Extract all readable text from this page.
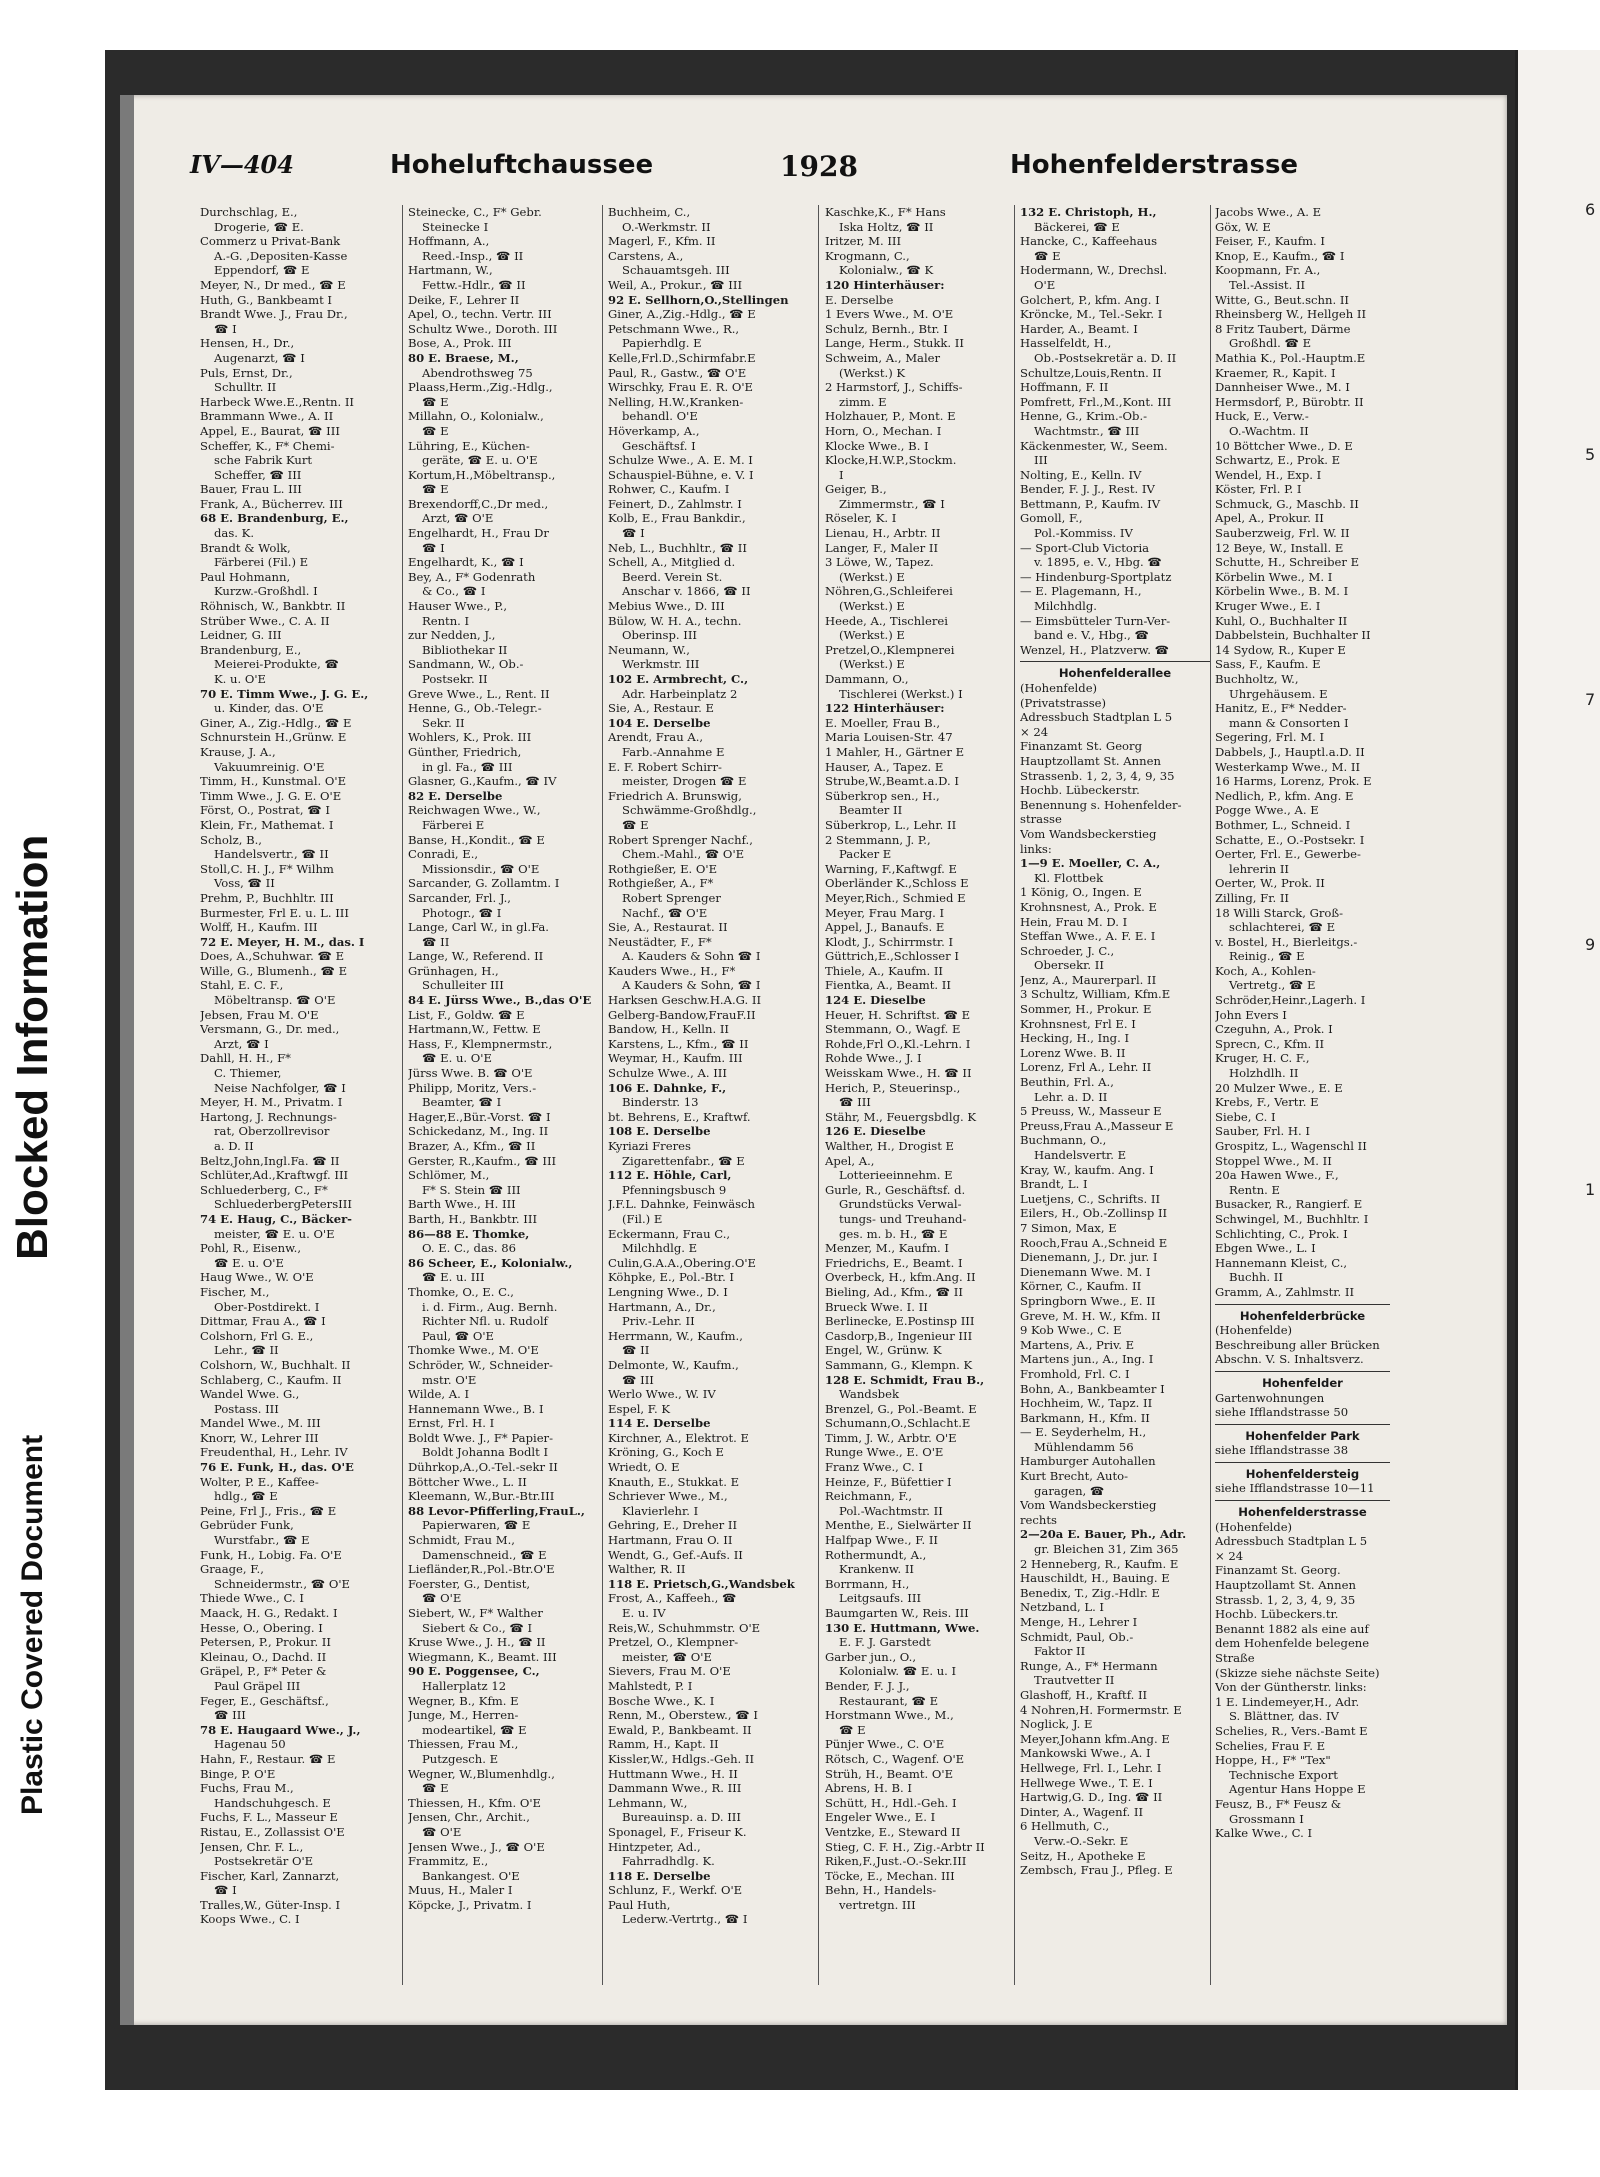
Blocked Information
Plastic Covered Document
6
5
7
9
1
IV—404	Hoheluftchaussee	1928	Hohenfelderstrasse
Durchschlag, E.,
Drogerie, ☎ E.
Commerz u Privat-Bank
A.-G. ,Depositen-Kasse
Eppendorf, ☎ E
Meyer, N., Dr med., ☎ E
Huth, G., Bankbeamt I
Brandt Wwe. J., Frau Dr.,
☎ I
Hensen, H., Dr.,
Augenarzt, ☎ I
Puls, Ernst, Dr.,
Schulltr. II
Harbeck Wwe.E.,Rentn. II
Brammann Wwe., A. II
Appel, E., Baurat, ☎ III
Scheffer, K., F* Chemi-
sche Fabrik Kurt
Scheffer, ☎ III
Bauer, Frau L. III
Frank, A., Bücherrev. III
68 E. Brandenburg, E.,
das. K.
Brandt & Wolk,
Färberei (Fil.) E
Paul Hohmann,
Kurzw.-Großhdl. I
Röhnisch, W., Bankbtr. II
Strüber Wwe., C. A. II
Leidner, G. III
Brandenburg, E.,
Meierei-Produkte, ☎
K. u. O'E
70 E. Timm Wwe., J. G. E.,
u. Kinder, das. O'E
Giner, A., Zig.-Hdlg., ☎ E
Schnurstein H.,Grünw. E
Krause, J. A.,
Vakuumreinig. O'E
Timm, H., Kunstmal. O'E
Timm Wwe., J. G. E. O'E
Först, O., Postrat, ☎ I
Klein, Fr., Mathemat. I
Scholz, B.,
Handelsvertr., ☎ II
Stoll,C. H. J., F* Wilhm
Voss, ☎ II
Prehm, P., Buchhltr. III
Burmester, Frl E. u. L. III
Wolff, H., Kaufm. III
72 E. Meyer, H. M., das. I
Does, A.,Schuhwar. ☎ E
Wille, G., Blumenh., ☎ E
Stahl, E. C. F.,
Möbeltransp. ☎ O'E
Jebsen, Frau M. O'E
Versmann, G., Dr. med.,
Arzt, ☎ I
Dahll, H. H., F*
C. Thiemer,
Neise Nachfolger, ☎ I
Meyer, H. M., Privatm. I
Hartong, J. Rechnungs-
rat, Oberzollrevisor
a. D. II
Beltz,John,Ingl.Fa. ☎ II
Schlüter,Ad.,Kraftwgf. III
Schluederberg, C., F*
SchluederbergPetersIII
74 E. Haug, C., Bäcker-
meister, ☎ E. u. O'E
Pohl, R., Eisenw.,
☎ E. u. O'E
Haug Wwe., W. O'E
Fischer, M.,
Ober-Postdirekt. I
Dittmar, Frau A., ☎ I
Colshorn, Frl G. E.,
Lehr., ☎ II
Colshorn, W., Buchhalt. II
Schlaberg, C., Kaufm. II
Wandel Wwe. G.,
Postass. III
Mandel Wwe., M. III
Knorr, W., Lehrer III
Freudenthal, H., Lehr. IV
76 E. Funk, H., das. O'E
Wolter, P. E., Kaffee-
hdlg., ☎ E
Peine, Frl J., Fris., ☎ E
Gebrüder Funk,
Wurstfabr., ☎ E
Funk, H., Lobig. Fa. O'E
Graage, F.,
Schneidermstr., ☎ O'E
Thiede Wwe., C. I
Maack, H. G., Redakt. I
Hesse, O., Obering. I
Petersen, P., Prokur. II
Kleinau, O., Dachd. II
Gräpel, P., F* Peter &
Paul Gräpel III
Feger, E., Geschäftsf.,
☎ III
78 E. Haugaard Wwe., J.,
Hagenau 50
Hahn, F., Restaur. ☎ E
Binge, P. O'E
Fuchs, Frau M.,
Handschuhgesch. E
Fuchs, F. L., Masseur E
Ristau, E., Zollassist O'E
Jensen, Chr. F. L.,
Postsekretär O'E
Fischer, Karl, Zannarzt,
☎ I
Tralles,W., Güter-Insp. I
Koops Wwe., C. I
Steinecke, C., F* Gebr.
Steinecke I
Hoffmann, A.,
Reed.-Insp., ☎ II
Hartmann, W.,
Fettw.-Hdlr., ☎ II
Deike, F., Lehrer II
Apel, O., techn. Vertr. III
Schultz Wwe., Doroth. III
Bose, A., Prok. III
80 E. Braese, M.,
Abendrothsweg 75
Plaass,Herm.,Zig.-Hdlg.,
☎ E
Millahn, O., Kolonialw.,
☎ E
Lühring, E., Küchen-
geräte, ☎ E. u. O'E
Kortum,H.,Möbeltransp.,
☎ E
Brexendorff,C.,Dr med.,
Arzt, ☎ O'E
Engelhardt, H., Frau Dr
☎ I
Engelhardt, K., ☎ I
Bey, A., F* Godenrath
& Co., ☎ I
Hauser Wwe., P.,
Rentn. I
zur Nedden, J.,
Bibliothekar II
Sandmann, W., Ob.-
Postsekr. II
Greve Wwe., L., Rent. II
Henne, G., Ob.-Telegr.-
Sekr. II
Wohlers, K., Prok. III
Günther, Friedrich,
in gl. Fa., ☎ III
Glasner, G.,Kaufm., ☎ IV
82 E. Derselbe
Reichwagen Wwe., W.,
Färberei E
Banse, H.,Kondit., ☎ E
Conradi, E.,
Missionsdir., ☎ O'E
Sarcander, G. Zollamtm. I
Sarcander, Frl. J.,
Photogr., ☎ I
Lange, Carl W., in gl.Fa.
☎ II
Lange, W., Referend. II
Grünhagen, H.,
Schulleiter III
84 E. Jürss Wwe., B.,das O'E
List, F., Goldw. ☎ E
Hartmann,W., Fettw. E
Hass, F., Klempnermstr.,
☎ E. u. O'E
Jürss Wwe. B. ☎ O'E
Philipp, Moritz, Vers.-
Beamter, ☎ I
Hager,E.,Bür.-Vorst. ☎ I
Schickedanz, M., Ing. II
Brazer, A., Kfm., ☎ II
Gerster, R.,Kaufm., ☎ III
Schlömer, M.,
F* S. Stein ☎ III
Barth Wwe., H. III
Barth, H., Bankbtr. III
86—88 E. Thomke,
O. E. C., das. 86
86 Scheer, E., Kolonialw.,
☎ E. u. III
Thomke, O., E. C.,
i. d. Firm., Aug. Bernh.
Richter Nfl. u. Rudolf
Paul, ☎ O'E
Thomke Wwe., M. O'E
Schröder, W., Schneider-
mstr. O'E
Wilde, A. I
Hannemann Wwe., B. I
Ernst, Frl. H. I
Boldt Wwe. J., F* Papier-
Boldt Johanna Bodlt I
Dührkop,A.,O.-Tel.-sekr II
Böttcher Wwe., L. II
Kleemann, W.,Bur.-Btr.III
88 Levor-Pfifferling,FrauL.,
Papierwaren, ☎ E
Schmidt, Frau M.,
Damenschneid., ☎ E
Liefländer,R.,Pol.-Btr.O'E
Foerster, G., Dentist,
☎ O'E
Siebert, W., F* Walther
Siebert & Co., ☎ I
Kruse Wwe., J. H., ☎ II
Wiegmann, K., Beamt. III
90 E. Poggensee, C.,
Hallerplatz 12
Wegner, B., Kfm. E
Junge, M., Herren-
modeartikel, ☎ E
Thiessen, Frau M.,
Putzgesch. E
Wegner, W.,Blumenhdlg.,
☎ E
Thiessen, H., Kfm. O'E
Jensen, Chr., Archit.,
☎ O'E
Jensen Wwe., J., ☎ O'E
Frammitz, E.,
Bankangest. O'E
Muus, H., Maler I
Köpcke, J., Privatm. I
Buchheim, C.,
O.-Werkmstr. II
Magerl, F., Kfm. II
Carstens, A.,
Schauamtsgeh. III
Weil, A., Prokur., ☎ III
92 E. Sellhorn,O.,Stellingen
Giner, A.,Zig.-Hdlg., ☎ E
Petschmann Wwe., R.,
Papierhdlg. E
Kelle,Frl.D.,Schirmfabr.E
Paul, R., Gastw., ☎ O'E
Wirschky, Frau E. R. O'E
Nelling, H.W.,Kranken-
behandl. O'E
Höverkamp, A.,
Geschäftsf. I
Schulze Wwe., A. E. M. I
Schauspiel-Bühne, e. V. I
Rohwer, C., Kaufm. I
Feinert, D., Zahlmstr. I
Kolb, E., Frau Bankdir.,
☎ I
Neb, L., Buchhltr., ☎ II
Schell, A., Mitglied d.
Beerd. Verein St.
Anschar v. 1866, ☎ II
Mebius Wwe., D. III
Bülow, W. H. A., techn.
Oberinsp. III
Neumann, W.,
Werkmstr. III
102 E. Armbrecht, C.,
Adr. Harbeinplatz 2
Sie, A., Restaur. E
104 E. Derselbe
Arendt, Frau A.,
Farb.-Annahme E
E. F. Robert Schirr-
meister, Drogen ☎ E
Friedrich A. Brunswig,
Schwämme-Großhdlg.,
☎ E
Robert Sprenger Nachf.,
Chem.-Mahl., ☎ O'E
Rothgießer, E. O'E
Rothgießer, A., F*
Robert Sprenger
Nachf., ☎ O'E
Sie, A., Restaurat. II
Neustädter, F., F*
A. Kauders & Sohn ☎ I
Kauders Wwe., H., F*
A Kauders & Sohn, ☎ I
Harksen Geschw.H.A.G. II
Gelberg-Bandow,FrauF.II
Bandow, H., Kelln. II
Karstens, L., Kfm., ☎ II
Weymar, H., Kaufm. III
Schulze Wwe., A. III
106 E. Dahnke, F.,
Binderstr. 13
bt. Behrens, E., Kraftwf.
108 E. Derselbe
Kyriazi Freres
Zigarettenfabr., ☎ E
112 E. Höhle, Carl,
Pfenningsbusch 9
J.F.L. Dahnke, Feinwäsch
(Fil.) E
Eckermann, Frau C.,
Milchhdlg. E
Culin,G.A.A.,Obering.O'E
Köhpke, E., Pol.-Btr. I
Lengning Wwe., D. I
Hartmann, A., Dr.,
Priv.-Lehr. II
Herrmann, W., Kaufm.,
☎ II
Delmonte, W., Kaufm.,
☎ III
Werlo Wwe., W. IV
Espel, F. K
114 E. Derselbe
Kirchner, A., Elektrot. E
Kröning, G., Koch E
Wriedt, O. E
Knauth, E., Stukkat. E
Schriever Wwe., M.,
Klavierlehr. I
Gehring, E., Dreher II
Hartmann, Frau O. II
Wendt, G., Gef.-Aufs. II
Walther, R. II
118 E. Prietsch,G.,Wandsbek
Frost, A., Kaffeeh., ☎
E. u. IV
Reis,W., Schuhmmstr. O'E
Pretzel, O., Klempner-
meister, ☎ O'E
Sievers, Frau M. O'E
Mahlstedt, P. I
Bosche Wwe., K. I
Renn, M., Oberstew., ☎ I
Ewald, P., Bankbeamt. II
Ramm, H., Kapt. II
Kissler,W., Hdlgs.-Geh. II
Huttmann Wwe., H. II
Dammann Wwe., R. III
Lehmann, W.,
Bureauinsp. a. D. III
Sponagel, F., Friseur K.
Hintzpeter, Ad.,
Fahrradhdlg. K.
118 E. Derselbe
Schlunz, F., Werkf. O'E
Paul Huth,
Lederw.-Vertrtg., ☎ I
Kaschke,K., F* Hans
Iska Holtz, ☎ II
Iritzer, M. III
Krogmann, C.,
Kolonialw., ☎ K
120 Hinterhäuser:
E. Derselbe
1 Evers Wwe., M. O'E
Schulz, Bernh., Btr. I
Lange, Herm., Stukk. II
Schweim, A., Maler
(Werkst.) K
2 Harmstorf, J., Schiffs-
zimm. E
Holzhauer, P., Mont. E
Horn, O., Mechan. I
Klocke Wwe., B. I
Klocke,H.W.P.,Stockm.
I
Geiger, B.,
Zimmermstr., ☎ I
Röseler, K. I
Lienau, H., Arbtr. II
Langer, F., Maler II
3 Löwe, W., Tapez.
(Werkst.) E
Nöhren,G.,Schleiferei
(Werkst.) E
Heede, A., Tischlerei
(Werkst.) E
Pretzel,O.,Klempnerei
(Werkst.) E
Dammann, O.,
Tischlerei (Werkst.) I
122 Hinterhäuser:
E. Moeller, Frau B.,
Maria Louisen-Str. 47
1 Mahler, H., Gärtner E
Hauser, A., Tapez. E
Strube,W.,Beamt.a.D. I
Süberkrop sen., H.,
Beamter II
Süberkrop, L., Lehr. II
2 Stemmann, J. P.,
Packer E
Warning, F.,Kaftwgf. E
Oberländer K.,Schloss E
Meyer,Rich., Schmied E
Meyer, Frau Marg. I
Appel, J., Banaufs. E
Klodt, J., Schirrmstr. I
Güttrich,E.,Schlosser I
Thiele, A., Kaufm. II
Fientka, A., Beamt. II
124 E. Dieselbe
Heuer, H. Schriftst. ☎ E
Stemmann, O., Wagf. E
Rohde,Frl O.,Kl.-Lehrn. I
Rohde Wwe., J. I
Weisskam Wwe., H. ☎ II
Herich, P., Steuerinsp.,
☎ III
Stähr, M., Feuergsbdlg. K
126 E. Dieselbe
Walther, H., Drogist E
Apel, A.,
Lotterieeinnehm. E
Gurle, R., Geschäftsf. d.
Grundstücks Verwal-
tungs- und Treuhand-
ges. m. b. H., ☎ E
Menzer, M., Kaufm. I
Friedrichs, E., Beamt. I
Overbeck, H., kfm.Ang. II
Bieling, Ad., Kfm., ☎ II
Brueck Wwe. I. II
Berlinecke, E.Postinsp III
Casdorp,B., Ingenieur III
Engel, W., Grünw. K
Sammann, G., Klempn. K
128 E. Schmidt, Frau B.,
Wandsbek
Brenzel, G., Pol.-Beamt. E
Schumann,O.,Schlacht.E
Timm, J. W., Arbtr. O'E
Runge Wwe., E. O'E
Franz Wwe., C. I
Heinze, F., Büfettier I
Reichmann, F.,
Pol.-Wachtmstr. II
Menthe, E., Sielwärter II
Halfpap Wwe., F. II
Rothermundt, A.,
Krankenw. II
Borrmann, H.,
Leitgsaufs. III
Baumgarten W., Reis. III
130 E. Huttmann, Wwe.
E. F. J. Garstedt
Garber jun., O.,
Kolonialw. ☎ E. u. I
Bender, F. J. J.,
Restaurant, ☎ E
Horstmann Wwe., M.,
☎ E
Pünjer Wwe., C. O'E
Rötsch, C., Wagenf. O'E
Strüh, H., Beamt. O'E
Abrens, H. B. I
Schütt, H., Hdl.-Geh. I
Engeler Wwe., E. I
Ventzke, E., Steward II
Stieg, C. F. H., Zig.-Arbtr II
Riken,F.,Just.-O.-Sekr.III
Töcke, E., Mechan. III
Behn, H., Handels-
vertretgn. III
132 E. Christoph, H.,
Bäckerei, ☎ E
Hancke, C., Kaffeehaus
☎ E
Hodermann, W., Drechsl.
O'E
Golchert, P., kfm. Ang. I
Kröncke, M., Tel.-Sekr. I
Harder, A., Beamt. I
Hasselfeldt, H.,
Ob.-Postsekretär a. D. II
Schultze,Louis,Rentn. II
Hoffmann, F. II
Pomfrett, Frl.,M.,Kont. III
Henne, G., Krim.-Ob.-
Wachtmstr., ☎ III
Käckenmester, W., Seem.
III
Nolting, E., Kelln. IV
Bender, F. J. J., Rest. IV
Bettmann, P., Kaufm. IV
Gomoll, F.,
Pol.-Kommiss. IV
— Sport-Club Victoria
v. 1895, e. V., Hbg. ☎
— Hindenburg-Sportplatz
— E. Plagemann, H.,
Milchhdlg.
— Eimsbütteler Turn-Ver-
band e. V., Hbg., ☎
Wenzel, H., Platzverw. ☎
Hohenfelderallee
(Hohenfelde)
(Privatstrasse)
Adressbuch Stadtplan L 5
⨯ 24
Finanzamt St. Georg
Hauptzollamt St. Annen
Strassenb. 1, 2, 3, 4, 9, 35
Hochb. Lübeckerstr.
Benennung s. Hohenfelder-
strasse
Vom Wandsbeckerstieg
links:
1—9 E. Moeller, C. A.,
Kl. Flottbek
1 König, O., Ingen. E
Krohnsnest, A., Prok. E
Hein, Frau M. D. I
Steffan Wwe., A. F. E. I
Schroeder, J. C.,
Obersekr. II
Jenz, A., Maurerparl. II
3 Schultz, William, Kfm.E
Sommer, H., Prokur. E
Krohnsnest, Frl E. I
Hecking, H., Ing. I
Lorenz Wwe. B. II
Lorenz, Frl A., Lehr. II
Beuthin, Frl. A.,
Lehr. a. D. II
5 Preuss, W., Masseur E
Preuss,Frau A.,Masseur E
Buchmann, O.,
Handelsvertr. E
Kray, W., kaufm. Ang. I
Brandt, L. I
Luetjens, C., Schrifts. II
Eilers, H., Ob.-Zollinsp II
7 Simon, Max, E
Rooch,Frau A.,Schneid E
Dienemann, J., Dr. jur. I
Dienemann Wwe. M. I
Körner, C., Kaufm. II
Springborn Wwe., E. II
Greve, M. H. W., Kfm. II
9 Kob Wwe., C. E
Martens, A., Priv. E
Martens jun., A., Ing. I
Fromhold, Frl. C. I
Bohn, A., Bankbeamter I
Hochheim, W., Tapz. II
Barkmann, H., Kfm. II
— E. Seyderhelm, H.,
Mühlendamm 56
Hamburger Autohallen
Kurt Brecht, Auto-
garagen, ☎
Vom Wandsbeckerstieg
rechts
2—20a E. Bauer, Ph., Adr.
gr. Bleichen 31, Zim 365
2 Henneberg, R., Kaufm. E
Hauschildt, H., Bauing. E
Benedix, T., Zig.-Hdlr. E
Netzband, L. I
Menge, H., Lehrer I
Schmidt, Paul, Ob.-
Faktor II
Runge, A., F* Hermann
Trautvetter II
Glashoff, H., Kraftf. II
4 Nohren,H. Formermstr. E
Noglick, J. E
Meyer,Johann kfm.Ang. E
Mankowski Wwe., A. I
Hellwege, Frl. I., Lehr. I
Hellwege Wwe., T. E. I
Hartwig,G. D., Ing. ☎ II
Dinter, A., Wagenf. II
6 Hellmuth, C.,
Verw.-O.-Sekr. E
Seitz, H., Apotheke E
Zembsch, Frau J., Pfleg. E
Jacobs Wwe., A. E
Göx, W. E
Feiser, F., Kaufm. I
Knop, E., Kaufm., ☎ I
Koopmann, Fr. A.,
Tel.-Assist. II
Witte, G., Beut.schn. II
Rheinsberg W., Hellgeh II
8 Fritz Taubert, Därme
Großhdl. ☎ E
Mathia K., Pol.-Hauptm.E
Kraemer, R., Kapit. I
Dannheiser Wwe., M. I
Hermsdorf, P., Bürobtr. II
Huck, E., Verw.-
O.-Wachtm. II
10 Böttcher Wwe., D. E
Schwartz, E., Prok. E
Wendel, H., Exp. I
Köster, Frl. P. I
Schmuck, G., Maschb. II
Apel, A., Prokur. II
Sauberzweig, Frl. W. II
12 Beye, W., Install. E
Schutte, H., Schreiber E
Körbelin Wwe., M. I
Körbelin Wwe., B. M. I
Kruger Wwe., E. I
Kuhl, O., Buchhalter II
Dabbelstein, Buchhalter II
14 Sydow, R., Kuper E
Sass, F., Kaufm. E
Buchholtz, W.,
Uhrgehäusem. E
Hanitz, E., F* Nedder-
mann & Consorten I
Segering, Frl. M. I
Dabbels, J., Hauptl.a.D. II
Westerkamp Wwe., M. II
16 Harms, Lorenz, Prok. E
Nedlich, P., kfm. Ang. E
Pogge Wwe., A. E
Bothmer, L., Schneid. I
Schatte, E., O.-Postsekr. I
Oerter, Frl. E., Gewerbe-
lehrerin II
Oerter, W., Prok. II
Zilling, Fr. II
18 Willi Starck, Groß-
schlachterei, ☎ E
v. Bostel, H., Bierleitgs.-
Reinig., ☎ E
Koch, A., Kohlen-
Vertretg., ☎ E
Schröder,Heinr.,Lagerh. I
John Evers I
Czeguhn, A., Prok. I
Sprecn, C., Kfm. II
Kruger, H. C. F.,
Holzhdlh. II
20 Mulzer Wwe., E. E
Krebs, F., Vertr. E
Siebe, C. I
Sauber, Frl. H. I
Grospitz, L., Wagenschl II
Stoppel Wwe., M. II
20a Hawen Wwe., F.,
Rentn. E
Busacker, R., Rangierf. E
Schwingel, M., Buchhltr. I
Schlichting, C., Prok. I
Ebgen Wwe., L. I
Hannemann Kleist, C.,
Buchh. II
Gramm, A., Zahlmstr. II
Hohenfelderbrücke
(Hohenfelde)
Beschreibung aller Brücken
Abschn. V. S. Inhaltsverz.
Hohenfelder
Gartenwohnungen
siehe Ifflandstrasse 50
Hohenfelder Park
siehe Ifflandstrasse 38
Hohenfeldersteig
siehe Ifflandstrasse 10—11
Hohenfelderstrasse
(Hohenfelde)
Adressbuch Stadtplan L 5
⨯ 24
Finanzamt St. Georg.
Hauptzollamt St. Annen
Strassb. 1, 2, 3, 4, 9, 35
Hochb. Lübeckers.tr.
Benannt 1882 als eine auf
dem Hohenfelde belegene
Straße
(Skizze siehe nächste Seite)
Von der Güntherstr. links:
1 E. Lindemeyer,H., Adr.
S. Blättner, das. IV
Schelies, R., Vers.-Bamt E
Schelies, Frau F. E
Hoppe, H., F* "Tex"
Technische Export
Agentur Hans Hoppe E
Feusz, B., F* Feusz &
Grossmann I
Kalke Wwe., C. I
